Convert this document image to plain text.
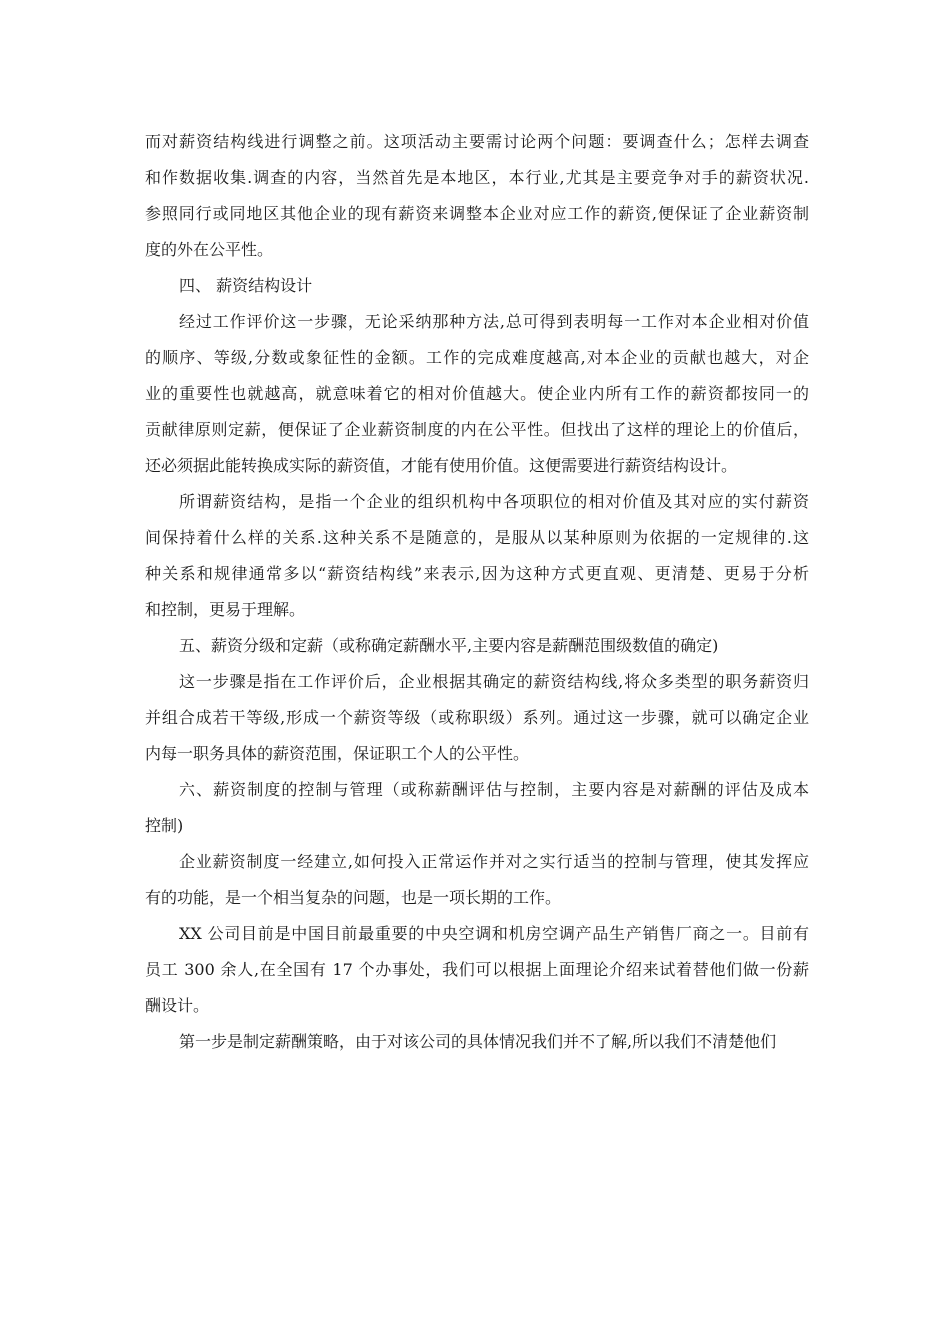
而对薪资结构线进行调整之前。这项活动主要需讨论两个问题：要调查什么；怎样去调查
和作数据收集.调查的内容，当然首先是本地区，本行业,尤其是主要竞争对手的薪资状况.
参照同行或同地区其他企业的现有薪资来调整本企业对应工作的薪资,便保证了企业薪资制
度的外在公平性。
四、 薪资结构设计
经过工作评价这一步骤，无论采纳那种方法,总可得到表明每一工作对本企业相对价值
的顺序、等级,分数或象征性的金额。工作的完成难度越高,对本企业的贡献也越大，对企
业的重要性也就越高，就意味着它的相对价值越大。使企业内所有工作的薪资都按同一的
贡献律原则定薪，便保证了企业薪资制度的内在公平性。但找出了这样的理论上的价值后，
还必须据此能转换成实际的薪资值，才能有使用价值。这便需要进行薪资结构设计。
所谓薪资结构，是指一个企业的组织机构中各项职位的相对价值及其对应的实付薪资
间保持着什么样的关系.这种关系不是随意的，是服从以某种原则为依据的一定规律的.这
种关系和规律通常多以“薪资结构线”来表示,因为这种方式更直观、更清楚、更易于分析
和控制，更易于理解。
五、薪资分级和定薪（或称确定薪酬水平,主要内容是薪酬范围级数值的确定)
这一步骤是指在工作评价后，企业根据其确定的薪资结构线,将众多类型的职务薪资归
并组合成若干等级,形成一个薪资等级（或称职级）系列。通过这一步骤，就可以确定企业
内每一职务具体的薪资范围，保证职工个人的公平性。
六、薪资制度的控制与管理（或称薪酬评估与控制，主要内容是对薪酬的评估及成本
控制)
企业薪资制度一经建立,如何投入正常运作并对之实行适当的控制与管理，使其发挥应
有的功能，是一个相当复杂的问题，也是一项长期的工作。
XX 公司目前是中国目前最重要的中央空调和机房空调产品生产销售厂商之一。目前有
员工 300 余人,在全国有 17 个办事处，我们可以根据上面理论介绍来试着替他们做一份薪
酬设计。
第一步是制定薪酬策略，由于对该公司的具体情况我们并不了解,所以我们不清楚他们
